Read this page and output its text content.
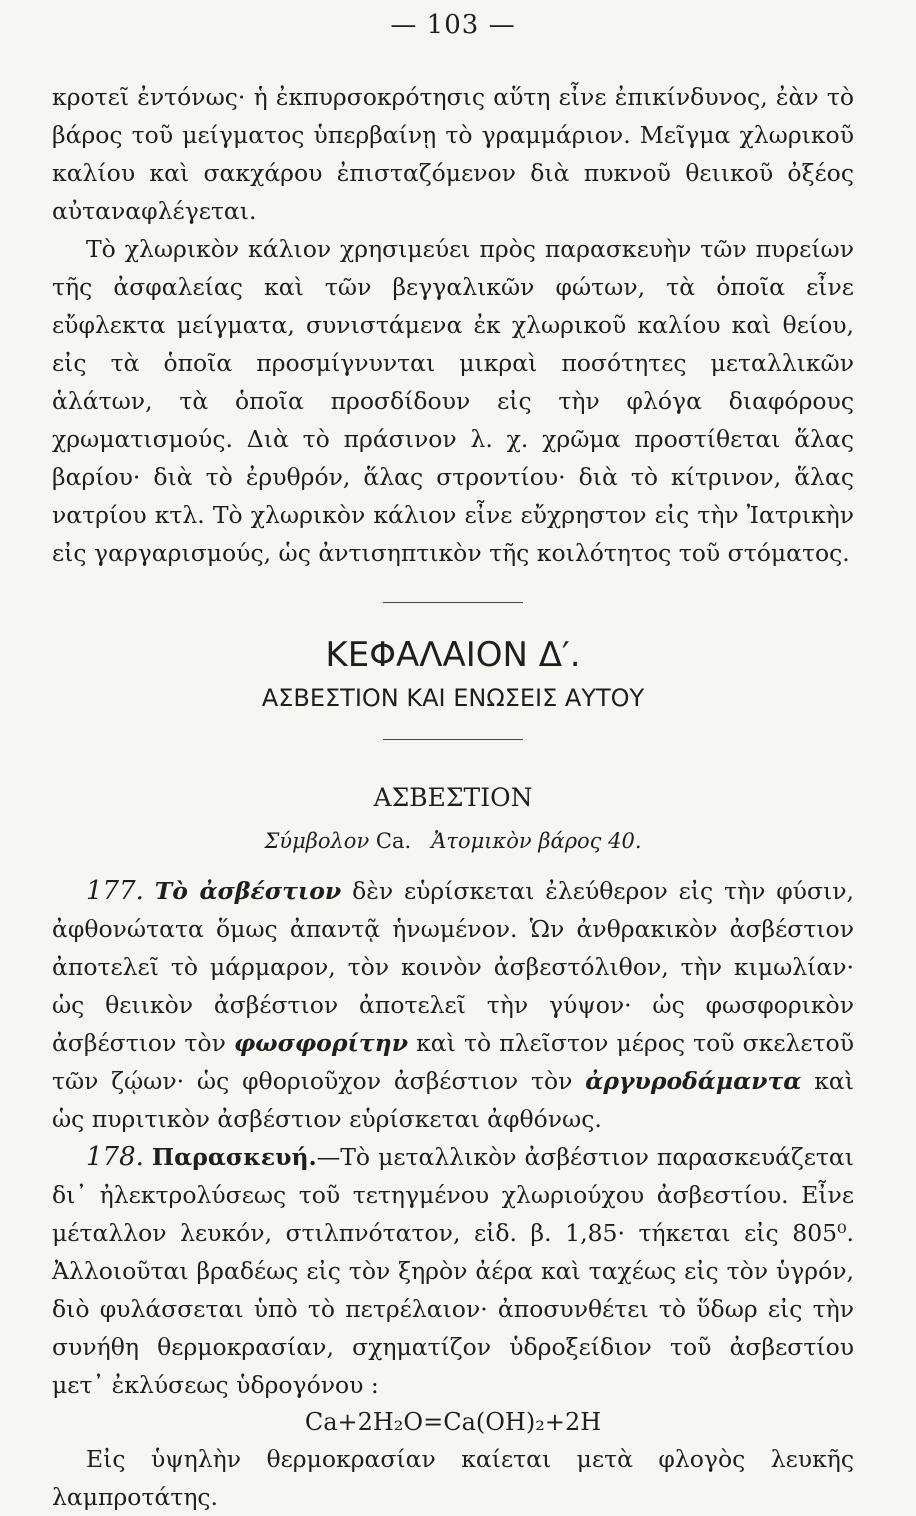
— 103 —

κροτεῖ ἐντόνως· ἡ ἐκπυρσοκρότησις αὕτη εἶνε ἐπικίνδυνος, ἐὰν τὸ βάρος τοῦ μείγματος ὑπερβαίνῃ τὸ γραμμάριον. Μεῖγμα χλωρικοῦ καλίου καὶ σακχάρου ἐπισταζόμενον διὰ πυκνοῦ θειικοῦ ὀξέος αὐταναφλέγεται.

Τὸ χλωρικὸν κάλιον χρησιμεύει πρὸς παρασκευὴν τῶν πυρείων τῆς ἀσφαλείας καὶ τῶν βεγγαλικῶν φώτων, τὰ ὁποῖα εἶνε εὔφλεκτα μείγματα, συνιστάμενα ἐκ χλωρικοῦ καλίου καὶ θείου, εἰς τὰ ὁποῖα προσμίγνυνται μικραὶ ποσότητες μεταλλικῶν ἁλάτων, τὰ ὁποῖα προσδίδουν εἰς τὴν φλόγα διαφόρους χρωματισμούς. Διὰ τὸ πράσινον λ. χ. χρῶμα προστίθεται ἅλας βαρίου· διὰ τὸ ἐρυθρόν, ἅλας στροντίου· διὰ τὸ κίτρινον, ἅλας νατρίου κτλ. Τὸ χλωρικὸν κάλιον εἶνε εὔχρηστον εἰς τὴν Ἰατρικὴν εἰς γαργαρισμούς, ὡς ἀντισηπτικὸν τῆς κοιλότητος τοῦ στόματος.

ΚΕΦΑΛΑΙΟΝ Δ′.
ΑΣΒΕΣΤΙΟΝ ΚΑΙ ΕΝΩΣΕΙΣ ΑΥΤΟΥ
ΑΣΒΕΣΤΙΟΝ
Σύμβολον Ca. Ἀτομικὸν βάρος 40.

177. Τὸ ἀσβέστιον δὲν εὑρίσκεται ἐλεύθερον εἰς τὴν φύσιν, ἀφθονώτατα ὅμως ἀπαντᾷ ἡνωμένον. Ὡν ἀνθρακικὸν ἀσβέστιον ἀποτελεῖ τὸ μάρμαρον, τὸν κοινὸν ἀσβεστόλιθον, τὴν κιμωλίαν· ὡς θειικὸν ἀσβέστιον ἀποτελεῖ τὴν γύψον· ὡς φωσφορικὸν ἀσβέστιον τὸν φωσφορίτην καὶ τὸ πλεῖστον μέρος τοῦ σκελετοῦ τῶν ζῴων· ὡς φθοριοῦχον ἀσβέστιον τὸν ἀργυροδάμαντα καὶ ὡς πυριτικὸν ἀσβέστιον εὑρίσκεται ἀφθόνως.

178. Παρασκευή.—Τὸ μεταλλικὸν ἀσβέστιον παρασκευάζεται δι᾽ ἠλεκτρολύσεως τοῦ τετηγμένου χλωριούχου ἀσβεστίου. Εἶνε μέταλλον λευκόν, στιλπνότατον, εἰδ. β. 1,85· τήκεται εἰς 805⁰. Ἀλλοιοῦται βραδέως εἰς τὸν ξηρὸν ἀέρα καὶ ταχέως εἰς τὸν ὑγρόν, διὸ φυλάσσεται ὑπὸ τὸ πετρέλαιον· ἀποσυνθέτει τὸ ὕδωρ εἰς τὴν συνήθη θερμοκρασίαν, σχηματίζον ὑδροξείδιον τοῦ ἀσβεστίου μετ᾽ ἐκλύσεως ὑδρογόνου :

Ca+2H₂O=Ca(OH)₂+2H

Εἰς ὑψηλὴν θερμοκρασίαν καίεται μετὰ φλογὸς λευκῆς λαμπροτάτης.
